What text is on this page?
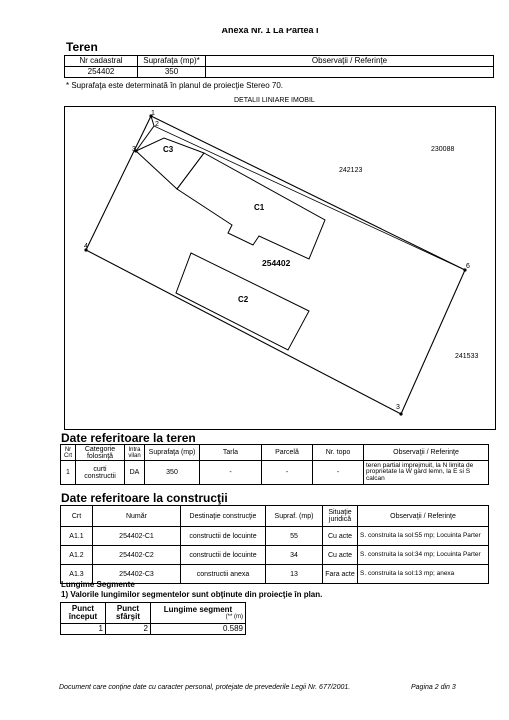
Anexa Nr. 1 La Partea I
Teren
Nr cadastral	Suprafaţa (mp)*	Observaţii / Referinţe
254402	350	
* Suprafaţa este determinată în planul de proiecţie Stereo 70.
DETALII LINIARE IMOBIL
1
2
3
4
6
3
C3
C1
C2
254402
230088
242123
241533
Date referitoare la teren
Nr Crt	Categorie folosinţă	Intra vilan	Suprafaţa (mp)	Tarla	Parcelă	Nr. topo	Observaţii / Referinţe
1	curti constructii	DA	350	-	-	-	teren partial imprejmuit, la N limita de proprietate la W gard lemn, la E si S calcan
Date referitoare la construcţii
Crt	Număr	Destinaţie construcţie	Supraf. (mp)	Situaţie juridică	Observaţii / Referinţe
A1.1	254402-C1	constructii de locuinte	55	Cu acte	S. construita la sol:55 mp; Locuinta Parter
A1.2	254402-C2	constructii de locuinte	34	Cu acte	S. construita la sol:34 mp; Locuinta Parter
A1.3	254402-C3	constructii anexa	13	Fara acte	S. construita la sol:13 mp; anexa
Lungime Segmente
1) Valorile lungimilor segmentelor sunt obţinute din proiecţie în plan.
Punct început	Punct sfârşit	Lungime segment
(** (m)

1	2	0.589
Document care conţine date cu caracter personal, protejate de prevederile Legii Nr. 677/2001.	Pagina 2 din 3
